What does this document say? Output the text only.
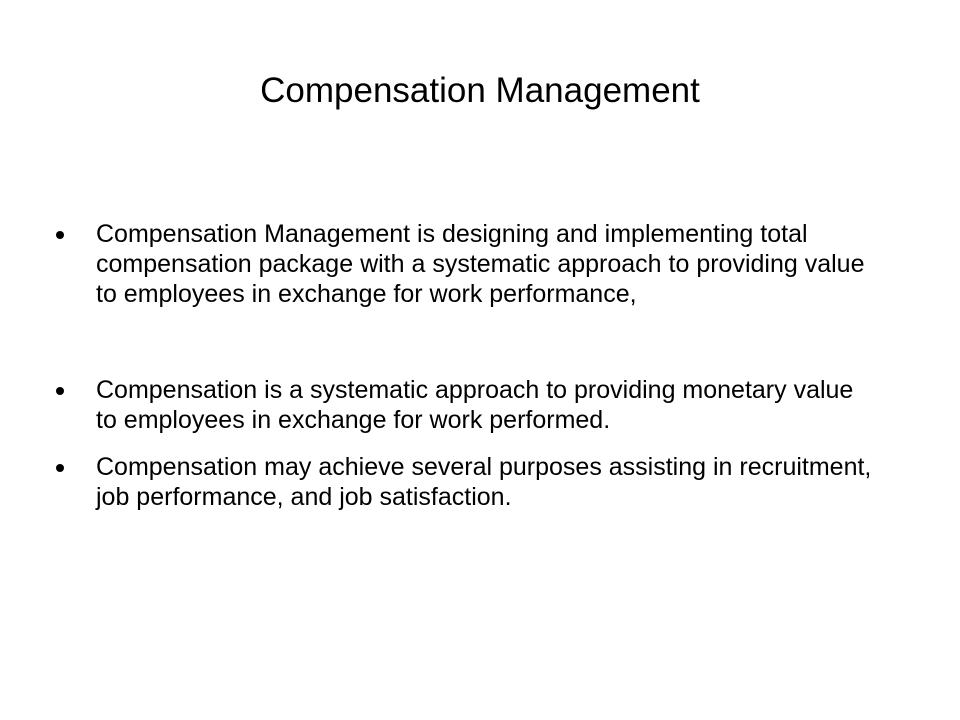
Compensation Management
Compensation Management is designing and implementing total compensation package with a systematic approach to providing value to employees in exchange for work performance,
Compensation is a systematic approach to providing monetary value to employees in exchange for work performed.
Compensation may achieve several purposes assisting in recruitment, job performance, and job satisfaction.
